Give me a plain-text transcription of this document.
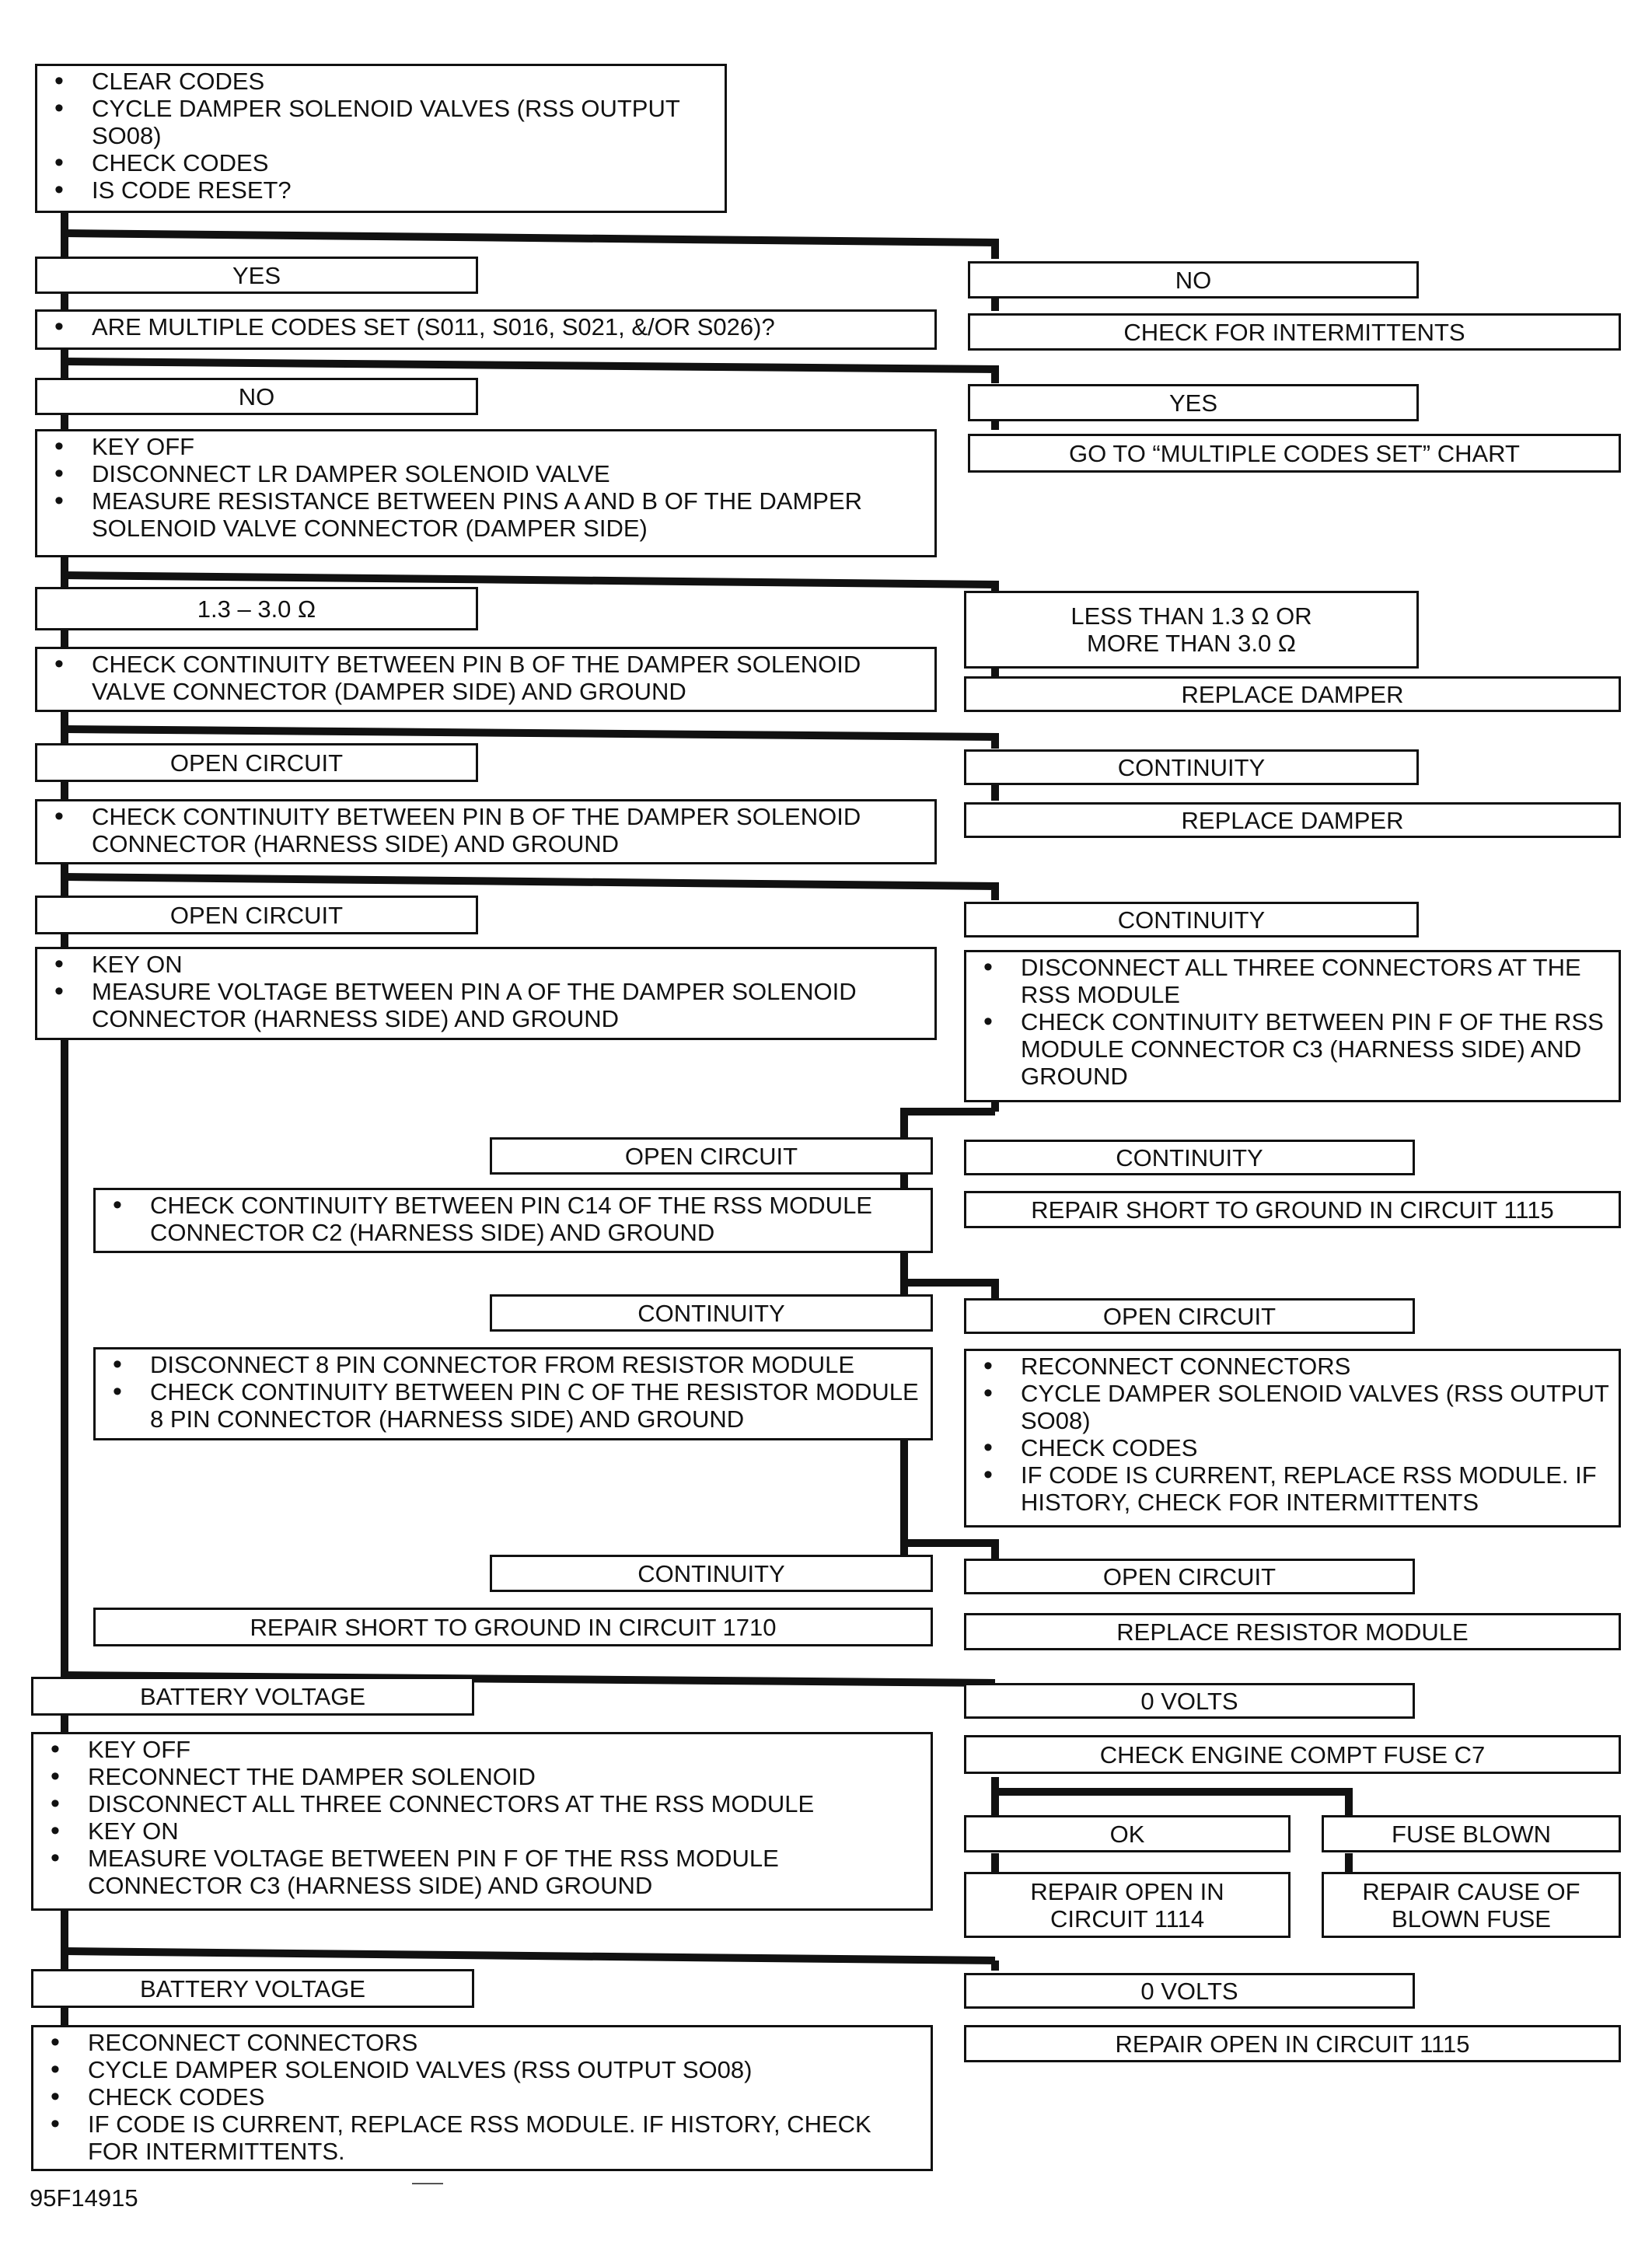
• CLEAR CODES
• CYCLE DAMPER SOLENOID VALVES (RSS OUTPUT SO08)
• CHECK CODES
• IS CODE RESET?
YES	NO
• ARE MULTIPLE CODES SET (S011, S016, S021, &/OR S026)?	CHECK FOR INTERMITTENTS
NO	YES
• KEY OFF
• DISCONNECT LR DAMPER SOLENOID VALVE
• MEASURE RESISTANCE BETWEEN PINS A AND B OF THE DAMPER SOLENOID VALVE CONNECTOR (DAMPER SIDE)
GO TO “MULTIPLE CODES SET” CHART
1.3 – 3.0 Ω	LESS THAN 1.3 Ω OR
MORE THAN 3.0 Ω
• CHECK CONTINUITY BETWEEN PIN B OF THE DAMPER SOLENOID VALVE CONNECTOR (DAMPER SIDE) AND GROUND	REPLACE DAMPER
OPEN CIRCUIT	CONTINUITY
• CHECK CONTINUITY BETWEEN PIN B OF THE DAMPER SOLENOID CONNECTOR (HARNESS SIDE) AND GROUND
REPLACE DAMPER
OPEN CIRCUIT	CONTINUITY
• KEY ON
• MEASURE VOLTAGE BETWEEN PIN A OF THE DAMPER SOLENOID CONNECTOR (HARNESS SIDE) AND GROUND
• DISCONNECT ALL THREE CONNECTORS AT THE RSS MODULE
• CHECK CONTINUITY BETWEEN PIN F OF THE RSS MODULE CONNECTOR C3 (HARNESS SIDE) AND GROUND
OPEN CIRCUIT	CONTINUITY
• CHECK CONTINUITY BETWEEN PIN C14 OF THE RSS MODULE CONNECTOR C2 (HARNESS SIDE) AND GROUND
REPAIR SHORT TO GROUND IN CIRCUIT 1115
CONTINUITY	OPEN CIRCUIT
• DISCONNECT 8 PIN CONNECTOR FROM RESISTOR MODULE
• CHECK CONTINUITY BETWEEN PIN C OF THE RESISTOR MODULE 8 PIN CONNECTOR (HARNESS SIDE) AND GROUND
• RECONNECT CONNECTORS
• CYCLE DAMPER SOLENOID VALVES (RSS OUTPUT SO08)
• CHECK CODES
• IF CODE IS CURRENT, REPLACE RSS MODULE. IF HISTORY, CHECK FOR INTERMITTENTS
CONTINUITY	OPEN CIRCUIT
REPAIR SHORT TO GROUND IN CIRCUIT 1710	REPLACE RESISTOR MODULE
BATTERY VOLTAGE	0 VOLTS
• KEY OFF
• RECONNECT THE DAMPER SOLENOID
• DISCONNECT ALL THREE CONNECTORS AT THE RSS MODULE
• KEY ON
• MEASURE VOLTAGE BETWEEN PIN F OF THE RSS MODULE CONNECTOR C3 (HARNESS SIDE) AND GROUND
CHECK ENGINE COMPT FUSE C7
OK	FUSE BLOWN
REPAIR OPEN IN
CIRCUIT 1114
REPAIR CAUSE OF
BLOWN FUSE
BATTERY VOLTAGE	0 VOLTS
• RECONNECT CONNECTORS
• CYCLE DAMPER SOLENOID VALVES (RSS OUTPUT SO08)
• CHECK CODES
• IF CODE IS CURRENT, REPLACE RSS MODULE. IF HISTORY, CHECK FOR INTERMITTENTS.
REPAIR OPEN IN CIRCUIT 1115
95F14915
